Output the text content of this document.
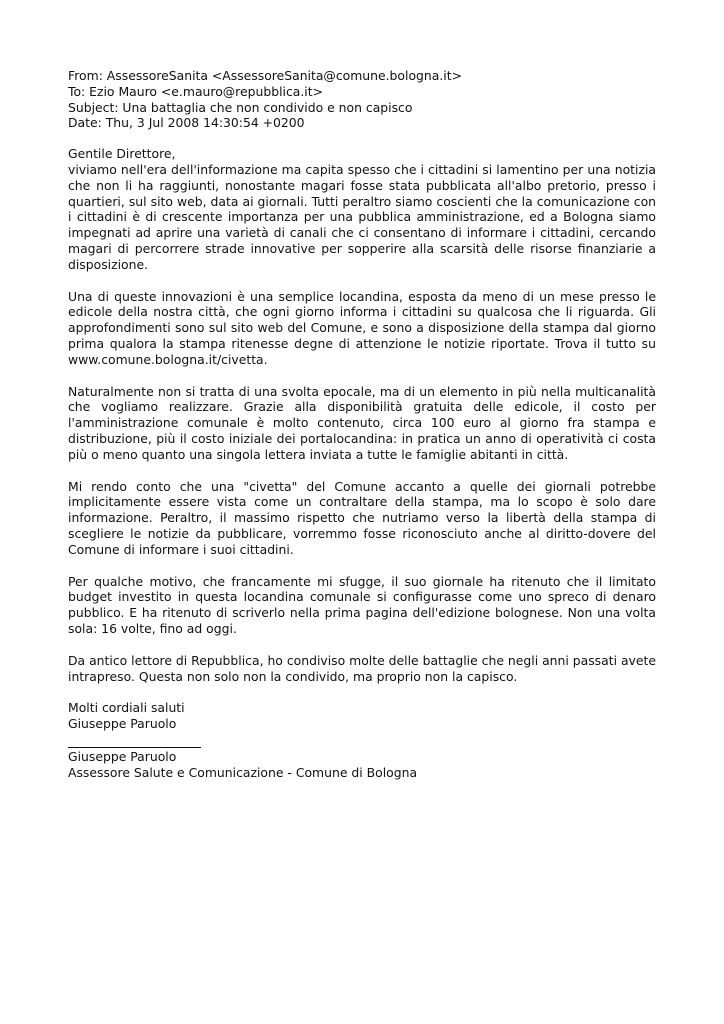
From: AssessoreSanita <AssessoreSanita@comune.bologna.it>
To: Ezio Mauro <e.mauro@repubblica.it>
Subject: Una battaglia che non condivido e non capisco
Date: Thu, 3 Jul 2008 14:30:54 +0200
Gentile Direttore,

viviamo nell'era dell'informazione ma capita spesso che i cittadini si lamentino per una notizia che non li ha raggiunti, nonostante magari fosse stata pubblicata all'albo pretorio, presso i quartieri, sul sito web, data ai giornali. Tutti peraltro siamo coscienti che la comunicazione con i cittadini è di crescente importanza per una pubblica amministrazione, ed a Bologna siamo impegnati ad aprire una varietà di canali che ci consentano di informare i cittadini, cercando magari di percorrere strade innovative per sopperire alla scarsità delle risorse finanziarie a disposizione.

Una di queste innovazioni è una semplice locandina, esposta da meno di un mese presso le edicole della nostra città, che ogni giorno informa i cittadini su qualcosa che li riguarda. Gli approfondimenti sono sul sito web del Comune, e sono a disposizione della stampa dal giorno prima qualora la stampa ritenesse degne di attenzione le notizie riportate. Trova il tutto su www.comune.bologna.it/civetta.

Naturalmente non si tratta di una svolta epocale, ma di un elemento in più nella multicanalità che vogliamo realizzare. Grazie alla disponibilità gratuita delle edicole, il costo per l'amministrazione comunale è molto contenuto, circa 100 euro al giorno fra stampa e distribuzione, più il costo iniziale dei portalocandina: in pratica un anno di operatività ci costa più o meno quanto una singola lettera inviata a tutte le famiglie abitanti in città.

Mi rendo conto che una "civetta" del Comune accanto a quelle dei giornali potrebbe implicitamente essere vista come un contraltare della stampa, ma lo scopo è solo dare informazione. Peraltro, il massimo rispetto che nutriamo verso la libertà della stampa di scegliere le notizie da pubblicare, vorremmo fosse riconosciuto anche al diritto-dovere del Comune di informare i suoi cittadini.

Per qualche motivo, che francamente mi sfugge, il suo giornale ha ritenuto che il limitato budget investito in questa locandina comunale si configurasse come uno spreco di denaro pubblico. E ha ritenuto di scriverlo nella prima pagina dell'edizione bolognese. Non una volta sola: 16 volte, fino ad oggi.

Da antico lettore di Repubblica, ho condiviso molte delle battaglie che negli anni passati avete intrapreso. Questa non solo non la condivido, ma proprio non la capisco.

Molti cordiali saluti
Giuseppe Paruolo
Giuseppe Paruolo
Assessore Salute e Comunicazione - Comune di Bologna
